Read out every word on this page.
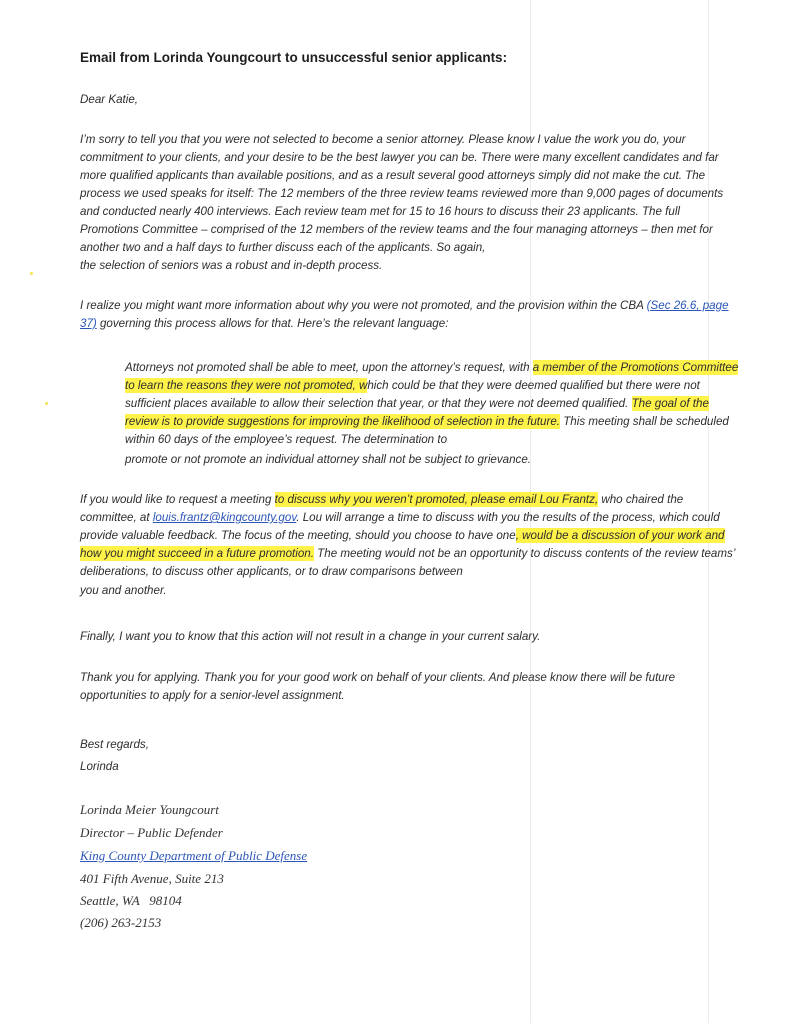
Email from Lorinda Youngcourt to unsuccessful senior applicants:

Dear Katie,

I’m sorry to tell you that you were not selected to become a senior attorney. Please know I value the work you do, your commitment to your clients, and your desire to be the best lawyer you can be. There were many excellent candidates and far more qualified applicants than available positions, and as a result several good attorneys simply did not make the cut. The process we used speaks for itself: The 12 members of the three review teams reviewed more than 9,000 pages of documents and conducted nearly 400 interviews. Each review team met for 15 to 16 hours to discuss their 23 applicants. The full Promotions Committee – comprised of the 12 members of the review teams and the four managing attorneys – then met for another two and a half days to further discuss each of the applicants. So again,

the selection of seniors was a robust and in-depth process.

I realize you might want more information about why you were not promoted, and the provision within the CBA (Sec 26.6, page 37) governing this process allows for that. Here’s the relevant language:

Attorneys not promoted shall be able to meet, upon the attorney’s request, with a member of the Promotions Committee to learn the reasons they were not promoted, which could be that they were deemed qualified but there were not sufficient places available to allow their selection that year, or that they were not deemed qualified. The goal of the review is to provide suggestions for improving the likelihood of selection in the future. This meeting shall be scheduled within 60 days of the employee’s request. The determination to

promote or not promote an individual attorney shall not be subject to grievance.

If you would like to request a meeting to discuss why you weren’t promoted, please email Lou Frantz, who chaired the committee, at louis.frantz@kingcounty.gov. Lou will arrange a time to discuss with you the results of the process, which could provide valuable feedback. The focus of the meeting, should you choose to have one, would be a discussion of your work and how you might succeed in a future promotion. The meeting would not be an opportunity to discuss contents of the review teams’ deliberations, to discuss other applicants, or to draw comparisons between

you and another.

Finally, I want you to know that this action will not result in a change in your current salary.

Thank you for applying. Thank you for your good work on behalf of your clients. And please know there will be future opportunities to apply for a senior-level assignment.

Best regards,

Lorinda

Lorinda Meier Youngcourt

Director – Public Defender

King County Department of Public Defense

401 Fifth Avenue, Suite 213

Seattle, WA   98104

(206) 263-2153
